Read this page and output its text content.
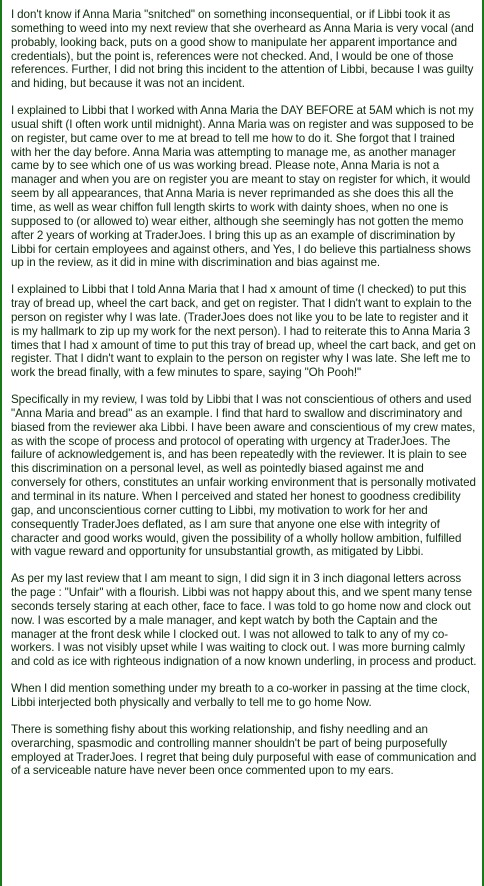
I don't know if Anna Maria "snitched" on something inconsequential, or if Libbi took it as something to weed into my next review that she overheard as Anna Maria is very vocal (and probably, looking back, puts on a good show to manipulate her apparent importance and credentials), but the point is, references were not checked. And, I would be one of those references. Further, I did not bring this incident to the attention of Libbi, because I was guilty and hiding, but because it was not an incident.

I explained to Libbi that I worked with Anna Maria the DAY BEFORE at 5AM which is not my usual shift (I often work until midnight). Anna Maria was on register and was supposed to be on register, but came over to me at bread to tell me how to do it. She forgot that I trained with her the day before. Anna Maria was attempting to manage me, as another manager came by to see which one of us was working bread. Please note, Anna Maria is not a manager and when you are on register you are meant to stay on register for which, it would seem by all appearances, that Anna Maria is never reprimanded as she does this all the time, as well as wear chiffon full length skirts to work with dainty shoes, when no one is supposed to (or allowed to) wear either, although she seemingly has not gotten the memo after 2 years of working at TraderJoes. I bring this up as an example of discrimination by Libbi for certain employees and against others, and Yes, I do believe this partialness shows up in the review, as it did in mine with discrimination and bias against me.

I explained to Libbi that I told Anna Maria that I had x amount of time (I checked) to put this tray of bread up, wheel the cart back, and get on register. That I didn't want to explain to the person on register why I was late. (TraderJoes does not like you to be late to register and it is my hallmark to zip up my work for the next person). I had to reiterate this to Anna Maria 3 times that I had x amount of time to put this tray of bread up, wheel the cart back, and get on register. That I didn't want to explain to the person on register why I was late. She left me to work the bread finally, with a few minutes to spare, saying "Oh Pooh!"

Specifically in my review, I was told by Libbi that I was not conscientious of others and used "Anna Maria and bread" as an example. I find that hard to swallow and discriminatory and biased from the reviewer aka Libbi. I have been aware and conscientious of my crew mates, as with the scope of process and protocol of operating with urgency at TraderJoes. The failure of acknowledgement is, and has been repeatedly with the reviewer. It is plain to see this discrimination on a personal level, as well as pointedly biased against me and conversely for others, constitutes an unfair working environment that is personally motivated and terminal in its nature. When I perceived and stated her honest to goodness credibility gap, and unconscientious corner cutting to Libbi, my motivation to work for her and consequently TraderJoes deflated, as I am sure that anyone one else with integrity of character and good works would, given the possibility of a wholly hollow ambition, fulfilled with vague reward and opportunity for unsubstantial growth, as mitigated by Libbi.

As per my last review that I am meant to sign, I did sign it in 3 inch diagonal letters across the page : "Unfair" with a flourish. Libbi was not happy about this, and we spent many tense seconds tersely staring at each other, face to face. I was told to go home now and clock out now. I was escorted by a male manager, and kept watch by both the Captain and the manager at the front desk while I clocked out. I was not allowed to talk to any of my co-workers. I was not visibly upset while I was waiting to clock out. I was more burning calmly and cold as ice with righteous indignation of a now known underling, in process and product.

When I did mention something under my breath to a co-worker in passing at the time clock, Libbi interjected both physically and verbally to tell me to go home Now.

There is something fishy about this working relationship, and fishy needling and an overarching, spasmodic and controlling manner shouldn't be part of being purposefully employed at TraderJoes. I regret that being duly purposeful with ease of communication and of a serviceable nature have never been once commented upon to my ears.
